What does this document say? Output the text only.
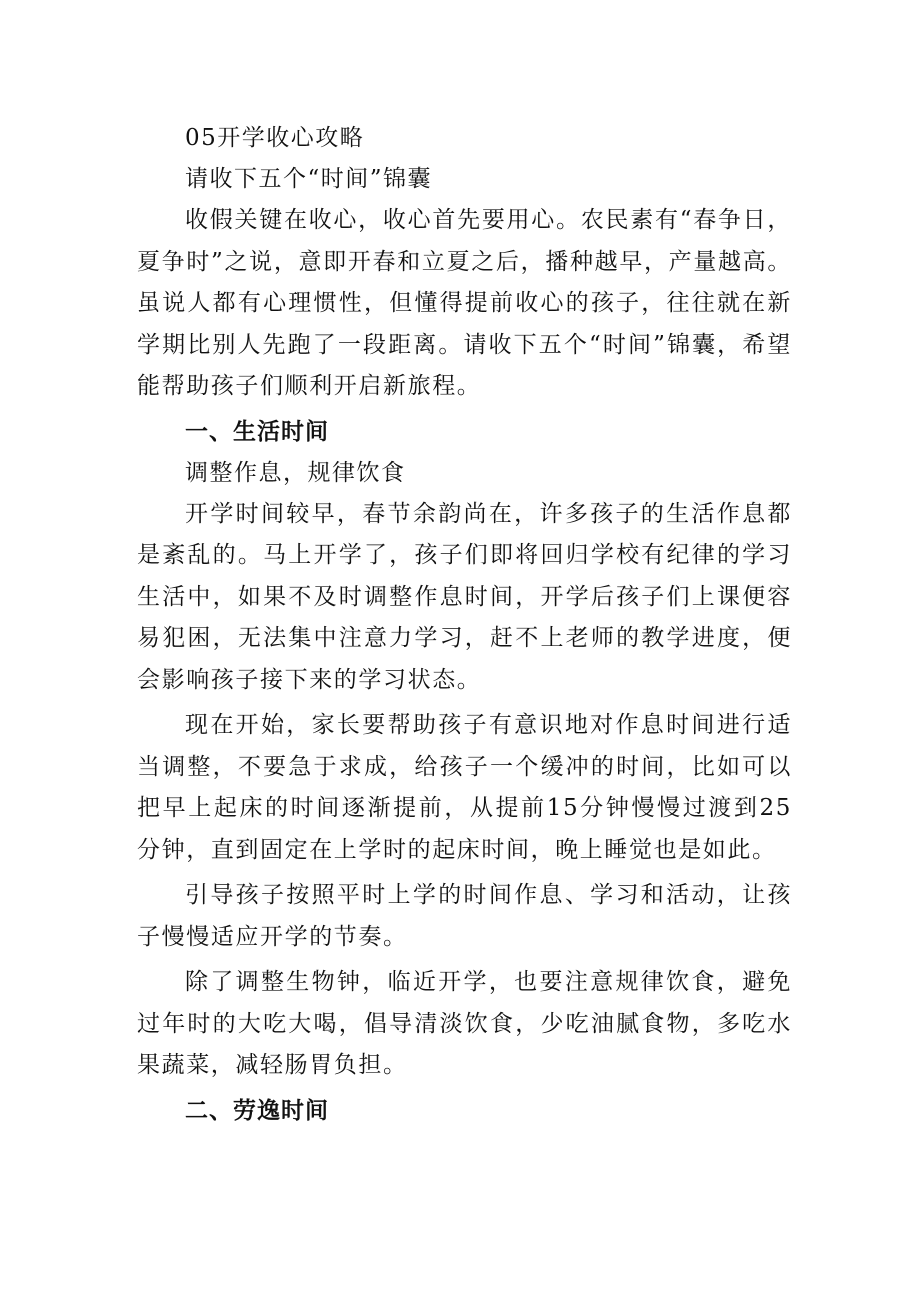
05开学收心攻略

请收下五个“时间”锦囊

收假关键在收心，收心首先要用心。农民素有“春争日，夏争时”之说，意即开春和立夏之后，播种越早，产量越高。虽说人都有心理惯性，但懂得提前收心的孩子，往往就在新学期比别人先跑了一段距离。请收下五个“时间”锦囊，希望能帮助孩子们顺利开启新旅程。

一、生活时间

调整作息，规律饮食

开学时间较早，春节余韵尚在，许多孩子的生活作息都是紊乱的。马上开学了，孩子们即将回归学校有纪律的学习生活中，如果不及时调整作息时间，开学后孩子们上课便容易犯困，无法集中注意力学习，赶不上老师的教学进度，便会影响孩子接下来的学习状态。

现在开始，家长要帮助孩子有意识地对作息时间进行适当调整，不要急于求成，给孩子一个缓冲的时间，比如可以把早上起床的时间逐渐提前，从提前15分钟慢慢过渡到25分钟，直到固定在上学时的起床时间，晚上睡觉也是如此。

引导孩子按照平时上学的时间作息、学习和活动，让孩子慢慢适应开学的节奏。

除了调整生物钟，临近开学，也要注意规律饮食，避免过年时的大吃大喝，倡导清淡饮食，少吃油腻食物，多吃水果蔬菜，减轻肠胃负担。

二、劳逸时间
